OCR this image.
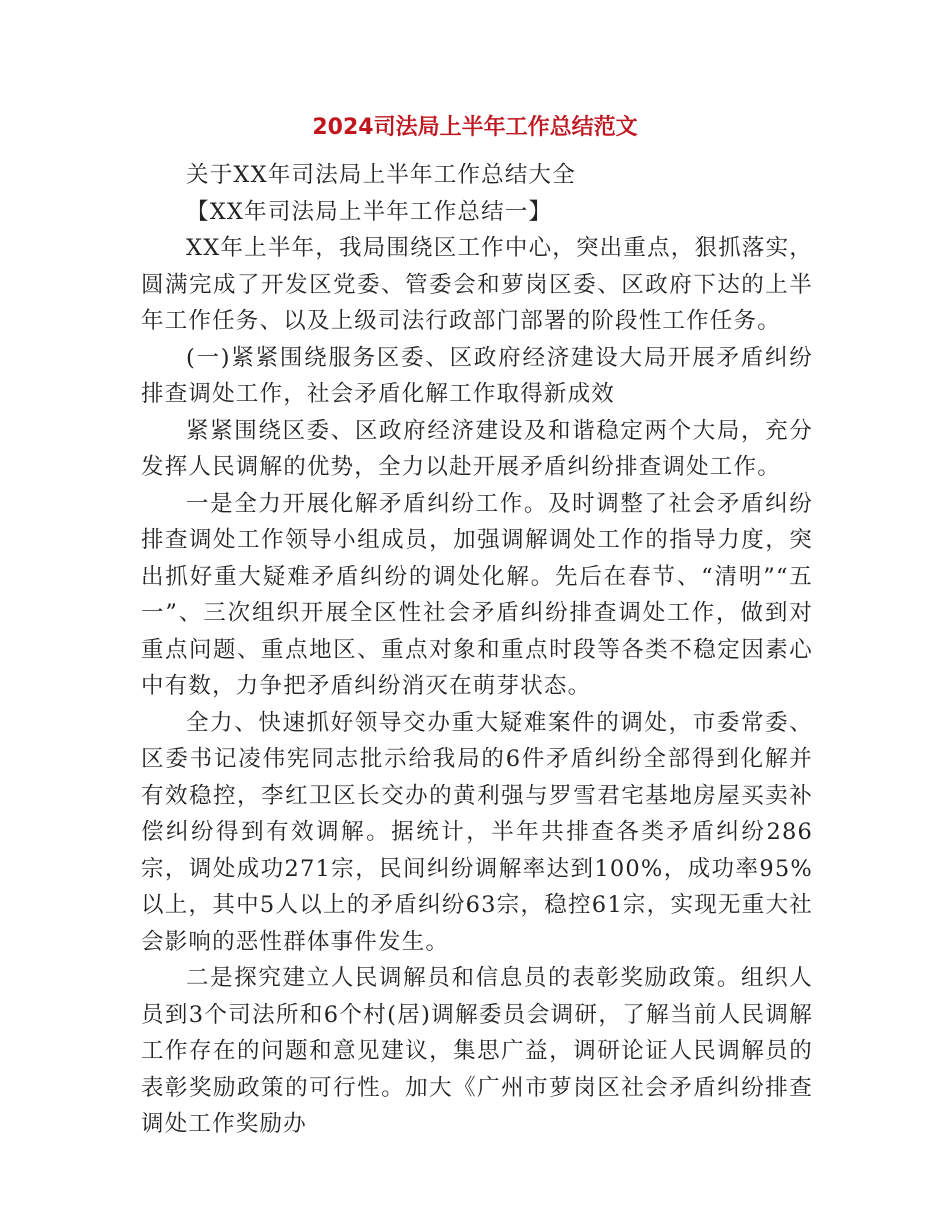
2024司法局上半年工作总结范文

关于XX年司法局上半年工作总结大全

【XX年司法局上半年工作总结一】

XX年上半年，我局围绕区工作中心，突出重点，狠抓落实，圆满完成了开发区党委、管委会和萝岗区委、区政府下达的上半年工作任务、以及上级司法行政部门部署的阶段性工作任务。

(一)紧紧围绕服务区委、区政府经济建设大局开展矛盾纠纷排查调处工作，社会矛盾化解工作取得新成效

紧紧围绕区委、区政府经济建设及和谐稳定两个大局，充分发挥人民调解的优势，全力以赴开展矛盾纠纷排查调处工作。

一是全力开展化解矛盾纠纷工作。及时调整了社会矛盾纠纷排查调处工作领导小组成员，加强调解调处工作的指导力度，突出抓好重大疑难矛盾纠纷的调处化解。先后在春节、“清明”“五一”、三次组织开展全区性社会矛盾纠纷排查调处工作，做到对重点问题、重点地区、重点对象和重点时段等各类不稳定因素心中有数，力争把矛盾纠纷消灭在萌芽状态。

全力、快速抓好领导交办重大疑难案件的调处，市委常委、区委书记凌伟宪同志批示给我局的6件矛盾纠纷全部得到化解并有效稳控，李红卫区长交办的黄利强与罗雪君宅基地房屋买卖补偿纠纷得到有效调解。据统计，半年共排查各类矛盾纠纷286宗，调处成功271宗，民间纠纷调解率达到100%，成功率95%以上，其中5人以上的矛盾纠纷63宗，稳控61宗，实现无重大社会影响的恶性群体事件发生。

二是探究建立人民调解员和信息员的表彰奖励政策。组织人员到3个司法所和6个村(居)调解委员会调研，了解当前人民调解工作存在的问题和意见建议，集思广益，调研论证人民调解员的表彰奖励政策的可行性。加大《广州市萝岗区社会矛盾纠纷排查调处工作奖励办
